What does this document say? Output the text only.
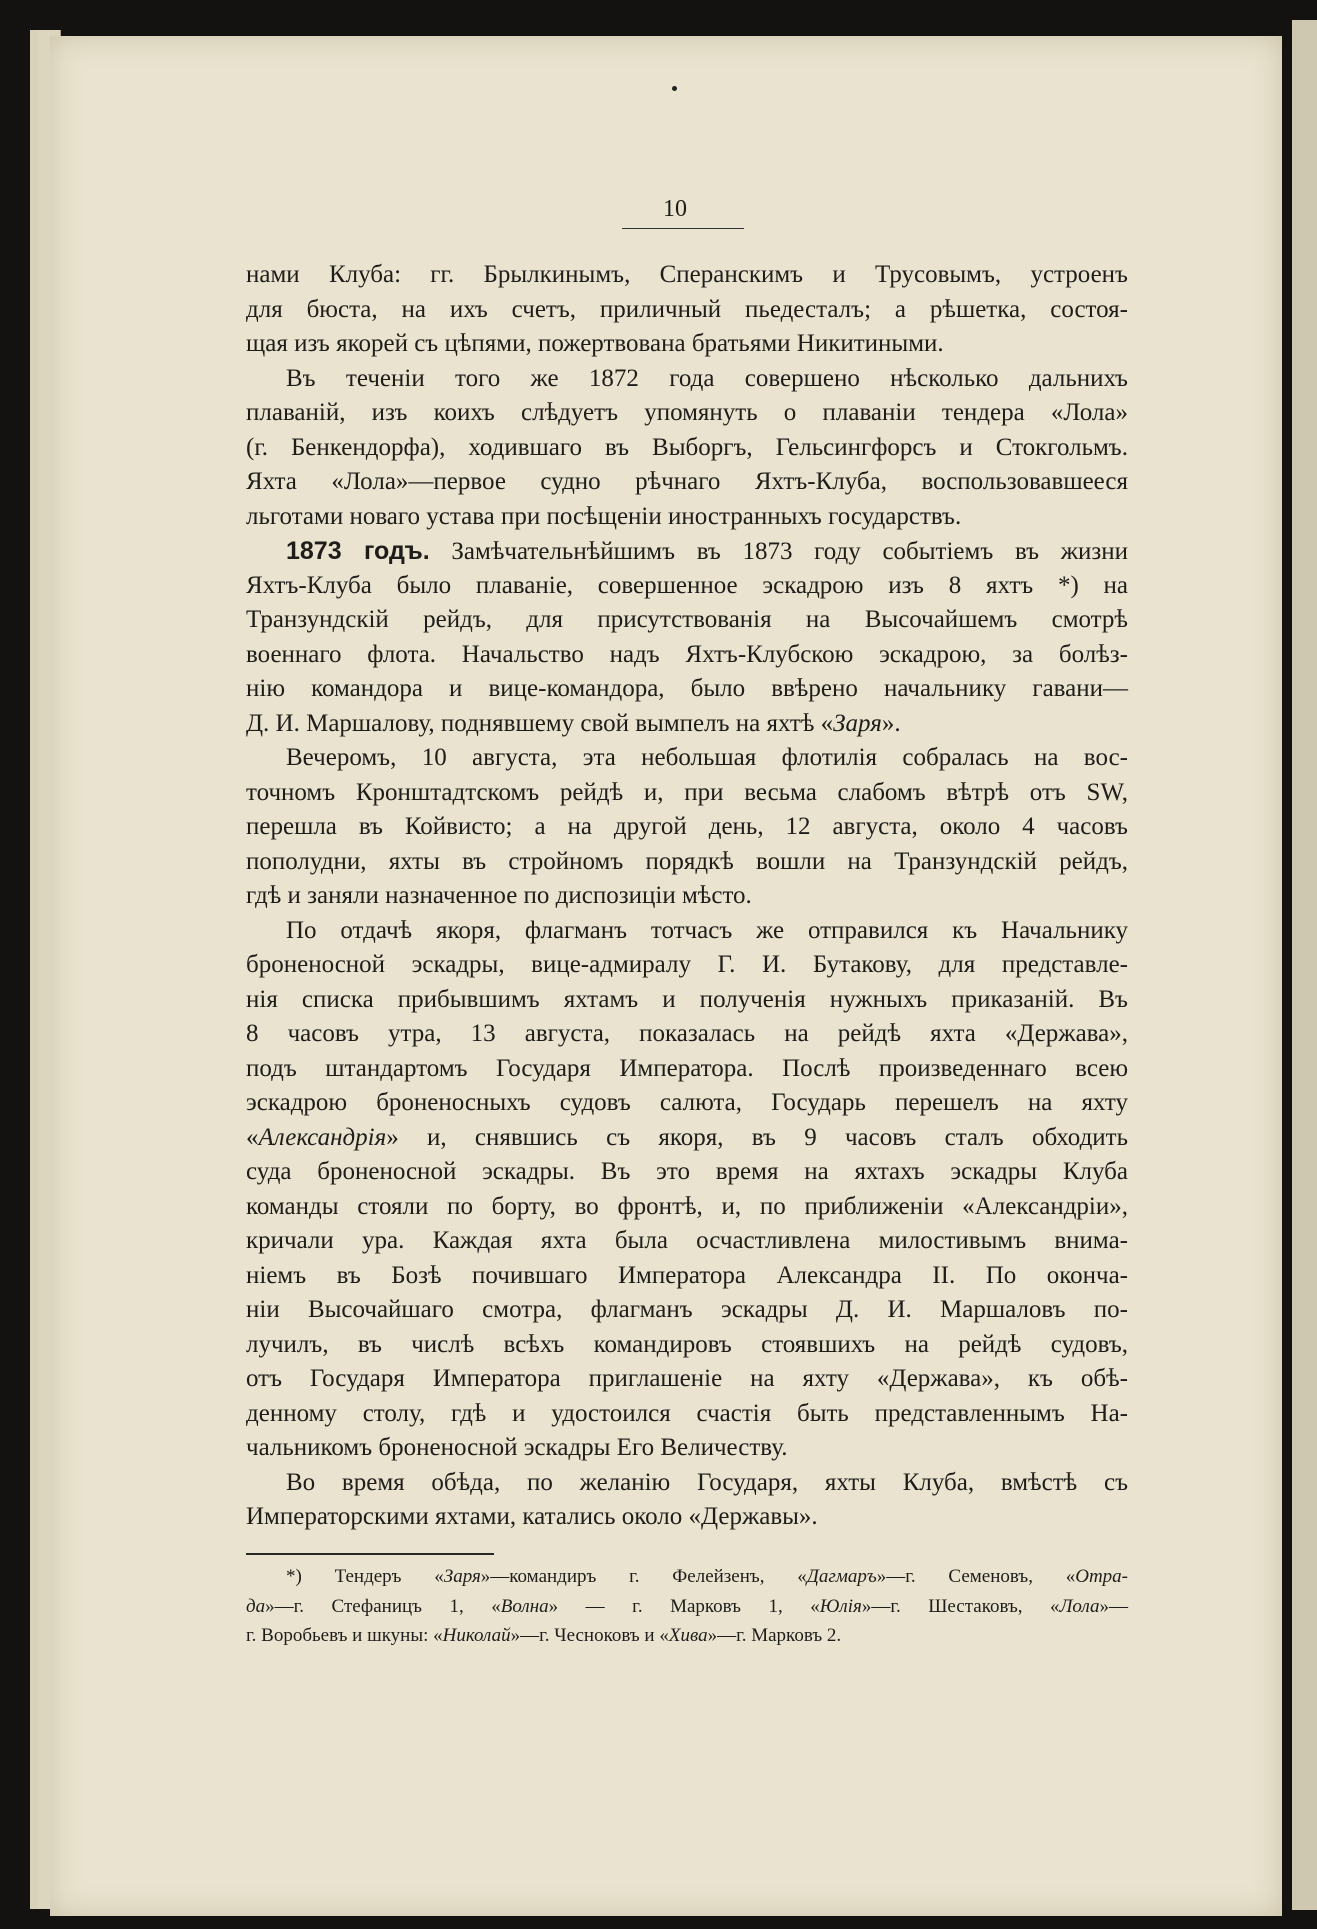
10
нами Клуба: гг. Брылкинымъ, Сперанскимъ и Трусовымъ, устроенъ
для бюста, на ихъ счетъ, приличный пьедесталъ; а рѣшетка, состоя-
щая изъ якорей съ цѣпями, пожертвована братьями Никитиными.
Въ теченіи того же 1872 года совершено нѣсколько дальнихъ
плаваній, изъ коихъ слѣдуетъ упомянуть о плаваніи тендера «Лола»
(г. Бенкендорфа), ходившаго въ Выборгъ, Гельсингфорсъ и Стокгольмъ.
Яхта «Лола»—первое судно рѣчнаго Яхтъ-Клуба, воспользовавшееся
льготами новаго устава при посѣщеніи иностранныхъ государствъ.
1873 годъ. Замѣчательнѣйшимъ въ 1873 году событіемъ въ жизни
Яхтъ-Клуба было плаваніе, совершенное эскадрою изъ 8 яхтъ *) на
Транзундскій рейдъ, для присутствованія на Высочайшемъ смотрѣ
военнаго флота. Начальство надъ Яхтъ-Клубскою эскадрою, за болѣз-
нію командора и вице-командора, было ввѣрено начальнику гавани—
Д. И. Маршалову, поднявшему свой вымпелъ на яхтѣ «Заря».
Вечеромъ, 10 августа, эта небольшая флотилія собралась на вос-
точномъ Кронштадтскомъ рейдѣ и, при весьма слабомъ вѣтрѣ отъ SW,
перешла въ Койвисто; а на другой день, 12 августа, около 4 часовъ
пополудни, яхты въ стройномъ порядкѣ вошли на Транзундскій рейдъ,
гдѣ и заняли назначенное по диспозиціи мѣсто.
По отдачѣ якоря, флагманъ тотчасъ же отправился къ Начальнику
броненосной эскадры, вице-адмиралу Г. И. Бутакову, для представле-
нія списка прибывшимъ яхтамъ и полученія нужныхъ приказаній. Въ
8 часовъ утра, 13 августа, показалась на рейдѣ яхта «Держава»,
подъ штандартомъ Государя Императора. Послѣ произведеннаго всею
эскадрою броненосныхъ судовъ салюта, Государь перешелъ на яхту
«Александрія» и, снявшись съ якоря, въ 9 часовъ сталъ обходить
суда броненосной эскадры. Въ это время на яхтахъ эскадры Клуба
команды стояли по борту, во фронтѣ, и, по приближеніи «Александріи»,
кричали ура. Каждая яхта была осчастливлена милостивымъ внима-
ніемъ въ Бозѣ почившаго Императора Александра II. По оконча-
ніи Высочайшаго смотра, флагманъ эскадры Д. И. Маршаловъ по-
лучилъ, въ числѣ всѣхъ командировъ стоявшихъ на рейдѣ судовъ,
отъ Государя Императора приглашеніе на яхту «Держава», къ обѣ-
денному столу, гдѣ и удостоился счастія быть представленнымъ На-
чальникомъ броненосной эскадры Его Величеству.
Во время обѣда, по желанію Государя, яхты Клуба, вмѣстѣ съ
Императорскими яхтами, катались около «Державы».
*) Тендеръ «Заря»—командиръ г. Фелейзенъ, «Дагмаръ»—г. Семеновъ, «Отра-
да»—г. Стефаницъ 1, «Волна» — г. Марковъ 1, «Юлія»—г. Шестаковъ, «Лола»—
г. Воробьевъ и шкуны: «Николай»—г. Чесноковъ и «Хива»—г. Марковъ 2.
